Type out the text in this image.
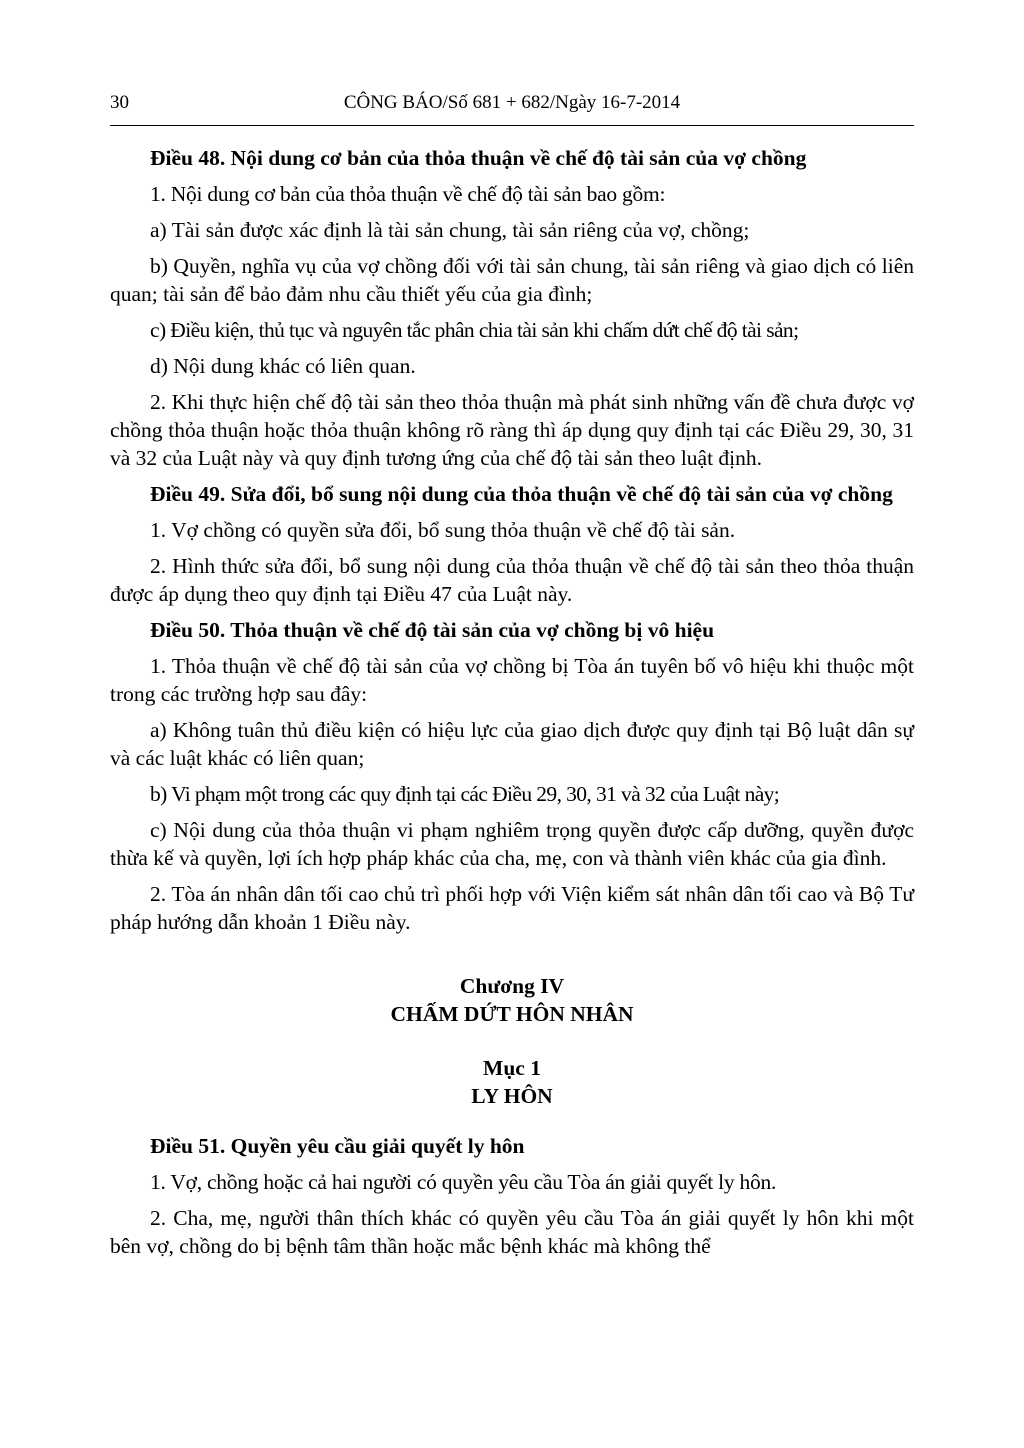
30	CÔNG BÁO/Số 681 + 682/Ngày 16-7-2014

Điều 48. Nội dung cơ bản của thỏa thuận về chế độ tài sản của vợ chồng

1. Nội dung cơ bản của thỏa thuận về chế độ tài sản bao gồm:

a) Tài sản được xác định là tài sản chung, tài sản riêng của vợ, chồng;

b) Quyền, nghĩa vụ của vợ chồng đối với tài sản chung, tài sản riêng và giao dịch có liên quan; tài sản để bảo đảm nhu cầu thiết yếu của gia đình;

c) Điều kiện, thủ tục và nguyên tắc phân chia tài sản khi chấm dứt chế độ tài sản;

d) Nội dung khác có liên quan.

2. Khi thực hiện chế độ tài sản theo thỏa thuận mà phát sinh những vấn đề chưa được vợ chồng thỏa thuận hoặc thỏa thuận không rõ ràng thì áp dụng quy định tại các Điều 29, 30, 31 và 32 của Luật này và quy định tương ứng của chế độ tài sản theo luật định.

Điều 49. Sửa đổi, bổ sung nội dung của thỏa thuận về chế độ tài sản của vợ chồng

1. Vợ chồng có quyền sửa đổi, bổ sung thỏa thuận về chế độ tài sản.

2. Hình thức sửa đổi, bổ sung nội dung của thỏa thuận về chế độ tài sản theo thỏa thuận được áp dụng theo quy định tại Điều 47 của Luật này.

Điều 50. Thỏa thuận về chế độ tài sản của vợ chồng bị vô hiệu

1. Thỏa thuận về chế độ tài sản của vợ chồng bị Tòa án tuyên bố vô hiệu khi thuộc một trong các trường hợp sau đây:

a) Không tuân thủ điều kiện có hiệu lực của giao dịch được quy định tại Bộ luật dân sự và các luật khác có liên quan;

b) Vi phạm một trong các quy định tại các Điều 29, 30, 31 và 32 của Luật này;

c) Nội dung của thỏa thuận vi phạm nghiêm trọng quyền được cấp dưỡng, quyền được thừa kế và quyền, lợi ích hợp pháp khác của cha, mẹ, con và thành viên khác của gia đình.

2. Tòa án nhân dân tối cao chủ trì phối hợp với Viện kiểm sát nhân dân tối cao và Bộ Tư pháp hướng dẫn khoản 1 Điều này.

Chương IV

CHẤM DỨT HÔN NHÂN

Mục 1

LY HÔN

Điều 51. Quyền yêu cầu giải quyết ly hôn

1. Vợ, chồng hoặc cả hai người có quyền yêu cầu Tòa án giải quyết ly hôn.

2. Cha, mẹ, người thân thích khác có quyền yêu cầu Tòa án giải quyết ly hôn khi một bên vợ, chồng do bị bệnh tâm thần hoặc mắc bệnh khác mà không thể
